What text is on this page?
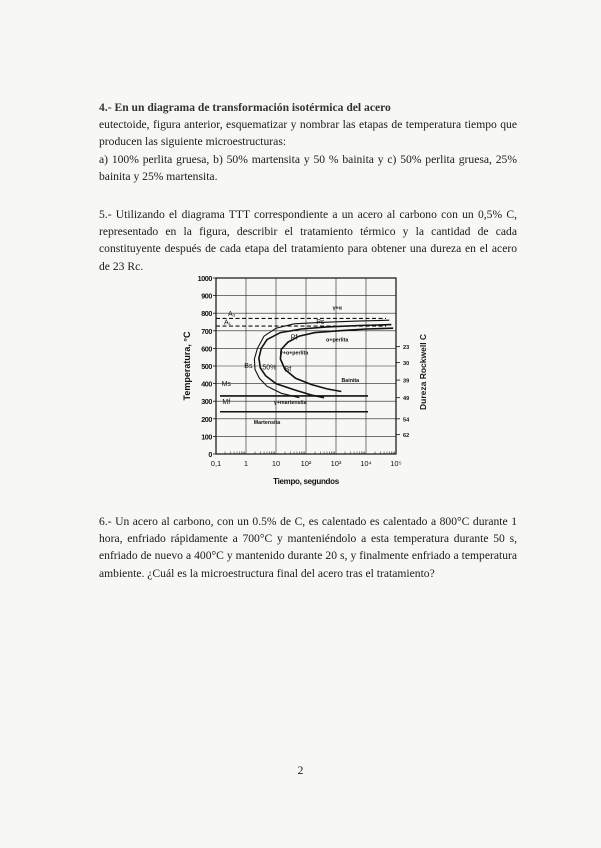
4.- En un diagrama de transformación isotérmica del acero
eutectoide, figura anterior, esquematizar y nombrar las etapas de temperatura tiempo que
producen las siguiente microestructuras:
a) 100% perlita gruesa, b) 50% martensita y 50 % bainita y c) 50% perlita gruesa, 25%
bainita y 25% martensita.
5.- Utilizando el diagrama TTT correspondiente a un acero al carbono con un 0,5% C,
representado en la figura, describir el tratamiento térmico y la cantidad de cada
constituyente después de cada etapa del tratamiento para obtener una dureza en el acero
de 23 Rc.
0
100
200
300
400
500
600
700
800
900
1000
0,1	1	10	10²	10³	10⁴ 10⁵
23
30
39
49
54
62
A₃
A₁
γ+α
α+perlita
γ+α+perlita
Bainita
γ+martensita
Martensita
Ps
Pf
Bs
Bf
50%
Ms
Mf
Temperatura, °C
Tiempo, segundos
Dureza Rockwell C
6.- Un acero al carbono, con un 0.5% de C, es calentado es calentado a 800°C durante 1
hora, enfriado rápidamente a 700°C y manteniéndolo a esta temperatura durante 50 s,
enfriado de nuevo a 400°C y mantenido durante 20 s, y finalmente enfriado a temperatura
ambiente. ¿Cuál es la microestructura final del acero tras el tratamiento?
2
